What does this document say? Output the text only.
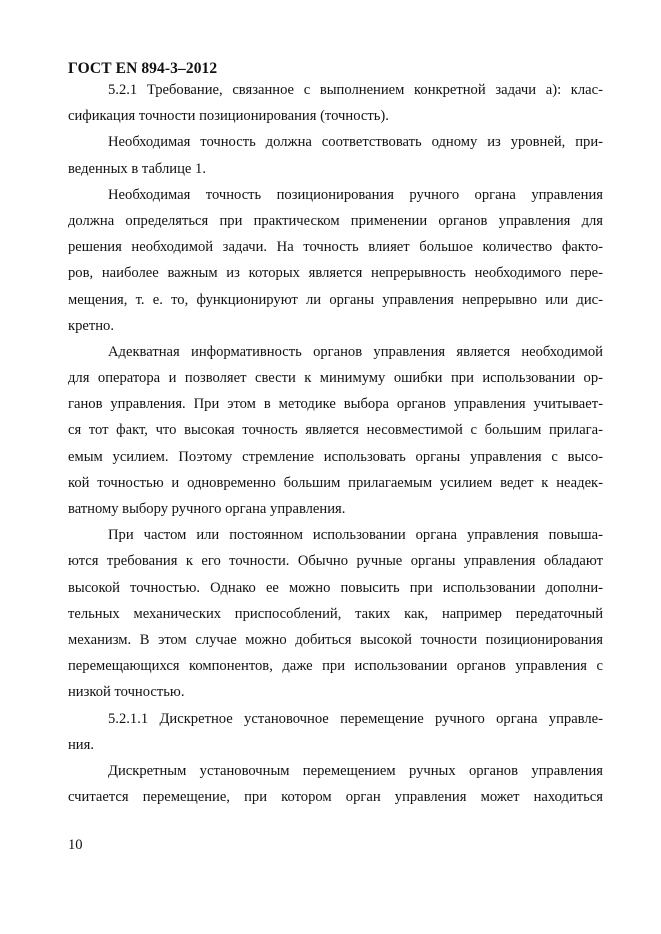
ГОСТ EN 894-3–2012
5.2.1 Требование, связанное с выполнением конкретной задачи а): клас-
сификация точности позиционирования (точность).
Необходимая точность должна соответствовать одному из уровней, при-
веденных в таблице 1.
Необходимая точность позиционирования ручного органа управления
должна определяться при практическом применении органов управления для
решения необходимой задачи. На точность влияет большое количество факто-
ров, наиболее важным из которых является непрерывность необходимого пере-
мещения, т. е. то, функционируют ли органы управления непрерывно или дис-
кретно.
Адекватная информативность органов управления является необходимой
для оператора и позволяет свести к минимуму ошибки при использовании ор-
ганов управления. При этом в методике выбора органов управления учитывает-
ся тот факт, что высокая точность является несовместимой с большим прилага-
емым усилием. Поэтому стремление использовать органы управления с высо-
кой точностью и одновременно большим прилагаемым усилием ведет к неадек-
ватному выбору ручного органа управления.
При частом или постоянном использовании органа управления повыша-
ются требования к его точности. Обычно ручные органы управления обладают
высокой точностью. Однако ее можно повысить при использовании дополни-
тельных механических приспособлений, таких как, например передаточный
механизм. В этом случае можно добиться высокой точности позиционирования
перемещающихся компонентов, даже при использовании органов управления с
низкой точностью.
5.2.1.1 Дискретное установочное перемещение ручного органа управле-
ния.
Дискретным установочным перемещением ручных органов управления
считается перемещение, при котором орган управления может находиться
10
